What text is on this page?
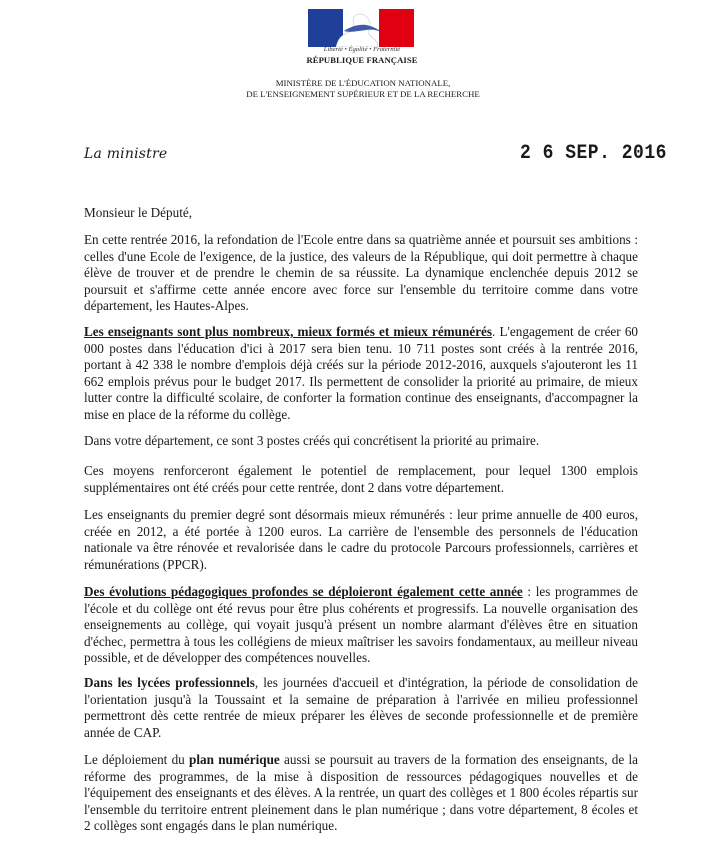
Liberté • Égalité • Fraternité
RÉPUBLIQUE FRANÇAISE
MINISTÈRE DE L'ÉDUCATION NATIONALE,
DE L'ENSEIGNEMENT SUPÉRIEUR ET DE LA RECHERCHE
La ministre	2 6 SEP. 2016
Monsieur le Député,
En cette rentrée 2016, la refondation de l'Ecole entre dans sa quatrième année et poursuit ses ambitions : celles d'une Ecole de l'exigence, de la justice, des valeurs de la République, qui doit permettre à chaque élève de trouver et de prendre le chemin de sa réussite. La dynamique enclenchée depuis 2012 se poursuit et s'affirme cette année encore avec force sur l'ensemble du territoire comme dans votre département, les Hautes-Alpes.
Les enseignants sont plus nombreux, mieux formés et mieux rémunérés. L'engagement de créer 60 000 postes dans l'éducation d'ici à 2017 sera bien tenu. 10 711 postes sont créés à la rentrée 2016, portant à 42 338 le nombre d'emplois déjà créés sur la période 2012-2016, auxquels s'ajouteront les 11 662 emplois prévus pour le budget 2017. Ils permettent de consolider la priorité au primaire, de mieux lutter contre la difficulté scolaire, de conforter la formation continue des enseignants, d'accompagner la mise en place de la réforme du collège.
Dans votre département, ce sont 3 postes créés qui concrétisent la priorité au primaire.
Ces moyens renforceront également le potentiel de remplacement, pour lequel 1300 emplois supplémentaires ont été créés pour cette rentrée, dont 2 dans votre département.
Les enseignants du premier degré sont désormais mieux rémunérés : leur prime annuelle de 400 euros, créée en 2012, a été portée à 1200 euros. La carrière de l'ensemble des personnels de l'éducation nationale va être rénovée et revalorisée dans le cadre du protocole Parcours professionnels, carrières et rémunérations (PPCR).
Des évolutions pédagogiques profondes se déploieront également cette année : les programmes de l'école et du collège ont été revus pour être plus cohérents et progressifs. La nouvelle organisation des enseignements au collège, qui voyait jusqu'à présent un nombre alarmant d'élèves être en situation d'échec, permettra à tous les collégiens de mieux maîtriser les savoirs fondamentaux, au meilleur niveau possible, et de développer des compétences nouvelles.
Dans les lycées professionnels, les journées d'accueil et d'intégration, la période de consolidation de l'orientation jusqu'à la Toussaint et la semaine de préparation à l'arrivée en milieu professionnel permettront dès cette rentrée de mieux préparer les élèves de seconde professionnelle et de première année de CAP.
Le déploiement du plan numérique aussi se poursuit au travers de la formation des enseignants, de la réforme des programmes, de la mise à disposition de ressources pédagogiques nouvelles et de l'équipement des enseignants et des élèves. A la rentrée, un quart des collèges et 1 800 écoles répartis sur l'ensemble du territoire entrent pleinement dans le plan numérique ; dans votre département, 8 écoles et 2 collèges sont engagés dans le plan numérique.
